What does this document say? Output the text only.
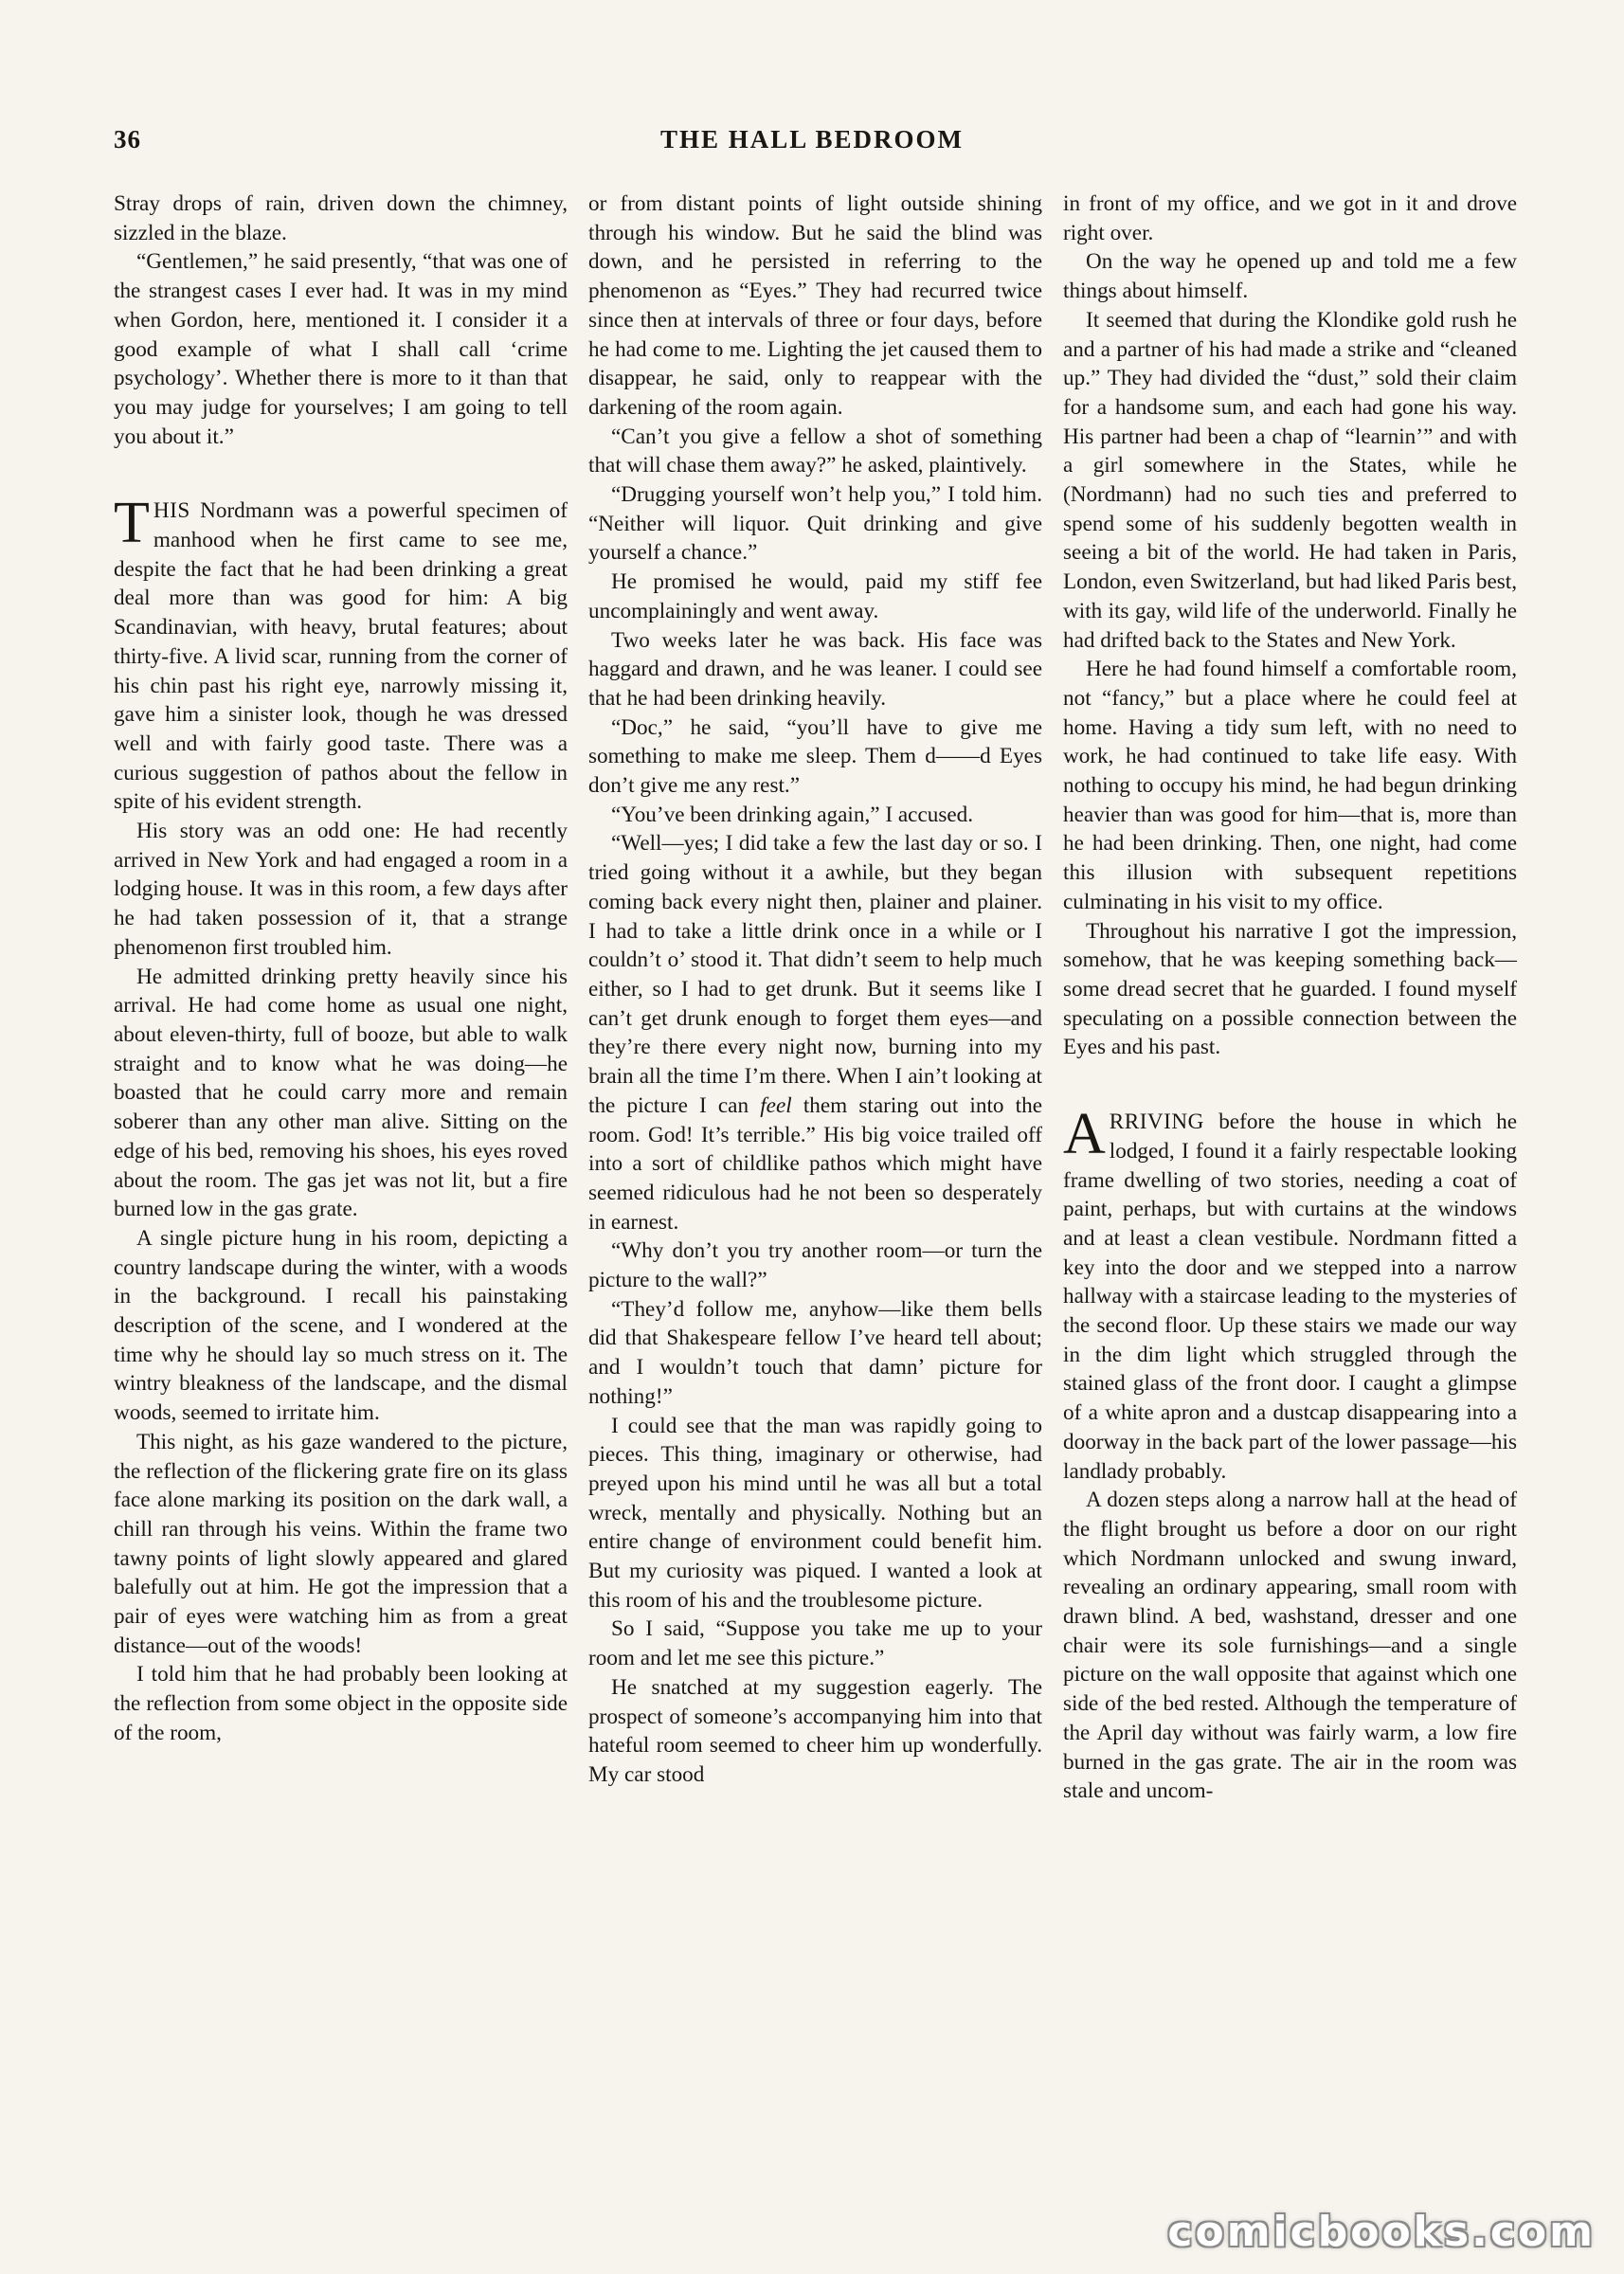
36	THE HALL BEDROOM

Stray drops of rain, driven down the chimney, sizzled in the blaze.

“Gentlemen,” he said presently, “that was one of the strangest cases I ever had. It was in my mind when Gordon, here, mentioned it. I consider it a good example of what I shall call ‘crime psychology’. Whether there is more to it than that you may judge for yourselves; I am going to tell you about it.”

THIS Nordmann was a powerful specimen of manhood when he first came to see me, despite the fact that he had been drinking a great deal more than was good for him: A big Scandinavian, with heavy, brutal features; about thirty-five. A livid scar, running from the corner of his chin past his right eye, narrowly missing it, gave him a sinister look, though he was dressed well and with fairly good taste. There was a curious suggestion of pathos about the fellow in spite of his evident strength.

His story was an odd one: He had recently arrived in New York and had engaged a room in a lodging house. It was in this room, a few days after he had taken possession of it, that a strange phenomenon first troubled him.

He admitted drinking pretty heavily since his arrival. He had come home as usual one night, about eleven-thirty, full of booze, but able to walk straight and to know what he was doing—he boasted that he could carry more and remain soberer than any other man alive. Sitting on the edge of his bed, removing his shoes, his eyes roved about the room. The gas jet was not lit, but a fire burned low in the gas grate.

A single picture hung in his room, depicting a country landscape during the winter, with a woods in the background. I recall his painstaking description of the scene, and I wondered at the time why he should lay so much stress on it. The wintry bleakness of the landscape, and the dismal woods, seemed to irritate him.

This night, as his gaze wandered to the picture, the reflection of the flickering grate fire on its glass face alone marking its position on the dark wall, a chill ran through his veins. Within the frame two tawny points of light slowly appeared and glared balefully out at him. He got the impression that a pair of eyes were watching him as from a great distance—out of the woods!

I told him that he had probably been looking at the reflection from some object in the opposite side of the room,

or from distant points of light outside shining through his window. But he said the blind was down, and he persisted in referring to the phenomenon as “Eyes.” They had recurred twice since then at intervals of three or four days, before he had come to me. Lighting the jet caused them to disappear, he said, only to reappear with the darkening of the room again.

“Can’t you give a fellow a shot of something that will chase them away?” he asked, plaintively.

“Drugging yourself won’t help you,” I told him. “Neither will liquor. Quit drinking and give yourself a chance.”

He promised he would, paid my stiff fee uncomplainingly and went away.

Two weeks later he was back. His face was haggard and drawn, and he was leaner. I could see that he had been drinking heavily.

“Doc,” he said, “you’ll have to give me something to make me sleep. Them d——d Eyes don’t give me any rest.”

“You’ve been drinking again,” I accused.

“Well—yes; I did take a few the last day or so. I tried going without it a awhile, but they began coming back every night then, plainer and plainer. I had to take a little drink once in a while or I couldn’t o’ stood it. That didn’t seem to help much either, so I had to get drunk. But it seems like I can’t get drunk enough to forget them eyes—and they’re there every night now, burning into my brain all the time I’m there. When I ain’t looking at the picture I can feel them staring out into the room. God! It’s terrible.” His big voice trailed off into a sort of childlike pathos which might have seemed ridiculous had he not been so desperately in earnest.

“Why don’t you try another room—or turn the picture to the wall?”

“They’d follow me, anyhow—like them bells did that Shakespeare fellow I’ve heard tell about; and I wouldn’t touch that damn’ picture for nothing!”

I could see that the man was rapidly going to pieces. This thing, imaginary or otherwise, had preyed upon his mind until he was all but a total wreck, mentally and physically. Nothing but an entire change of environment could benefit him. But my curiosity was piqued. I wanted a look at this room of his and the troublesome picture.

So I said, “Suppose you take me up to your room and let me see this picture.”

He snatched at my suggestion eagerly. The prospect of someone’s accompanying him into that hateful room seemed to cheer him up wonderfully. My car stood

in front of my office, and we got in it and drove right over.

On the way he opened up and told me a few things about himself.

It seemed that during the Klondike gold rush he and a partner of his had made a strike and “cleaned up.” They had divided the “dust,” sold their claim for a handsome sum, and each had gone his way. His partner had been a chap of “learnin’” and with a girl somewhere in the States, while he (Nordmann) had no such ties and preferred to spend some of his suddenly begotten wealth in seeing a bit of the world. He had taken in Paris, London, even Switzerland, but had liked Paris best, with its gay, wild life of the underworld. Finally he had drifted back to the States and New York.

Here he had found himself a comfortable room, not “fancy,” but a place where he could feel at home. Having a tidy sum left, with no need to work, he had continued to take life easy. With nothing to occupy his mind, he had begun drinking heavier than was good for him—that is, more than he had been drinking. Then, one night, had come this illusion with subsequent repetitions culminating in his visit to my office.

Throughout his narrative I got the impression, somehow, that he was keeping something back—some dread secret that he guarded. I found myself speculating on a possible connection between the Eyes and his past.

ARRIVING before the house in which he lodged, I found it a fairly respectable looking frame dwelling of two stories, needing a coat of paint, perhaps, but with curtains at the windows and at least a clean vestibule. Nordmann fitted a key into the door and we stepped into a narrow hallway with a staircase leading to the mysteries of the second floor. Up these stairs we made our way in the dim light which struggled through the stained glass of the front door. I caught a glimpse of a white apron and a dustcap disappearing into a doorway in the back part of the lower passage—his landlady probably.

A dozen steps along a narrow hall at the head of the flight brought us before a door on our right which Nordmann unlocked and swung inward, revealing an ordinary appearing, small room with drawn blind. A bed, washstand, dresser and one chair were its sole furnishings—and a single picture on the wall opposite that against which one side of the bed rested. Although the temperature of the April day without was fairly warm, a low fire burned in the gas grate. The air in the room was stale and uncom-

comicbooks.com
